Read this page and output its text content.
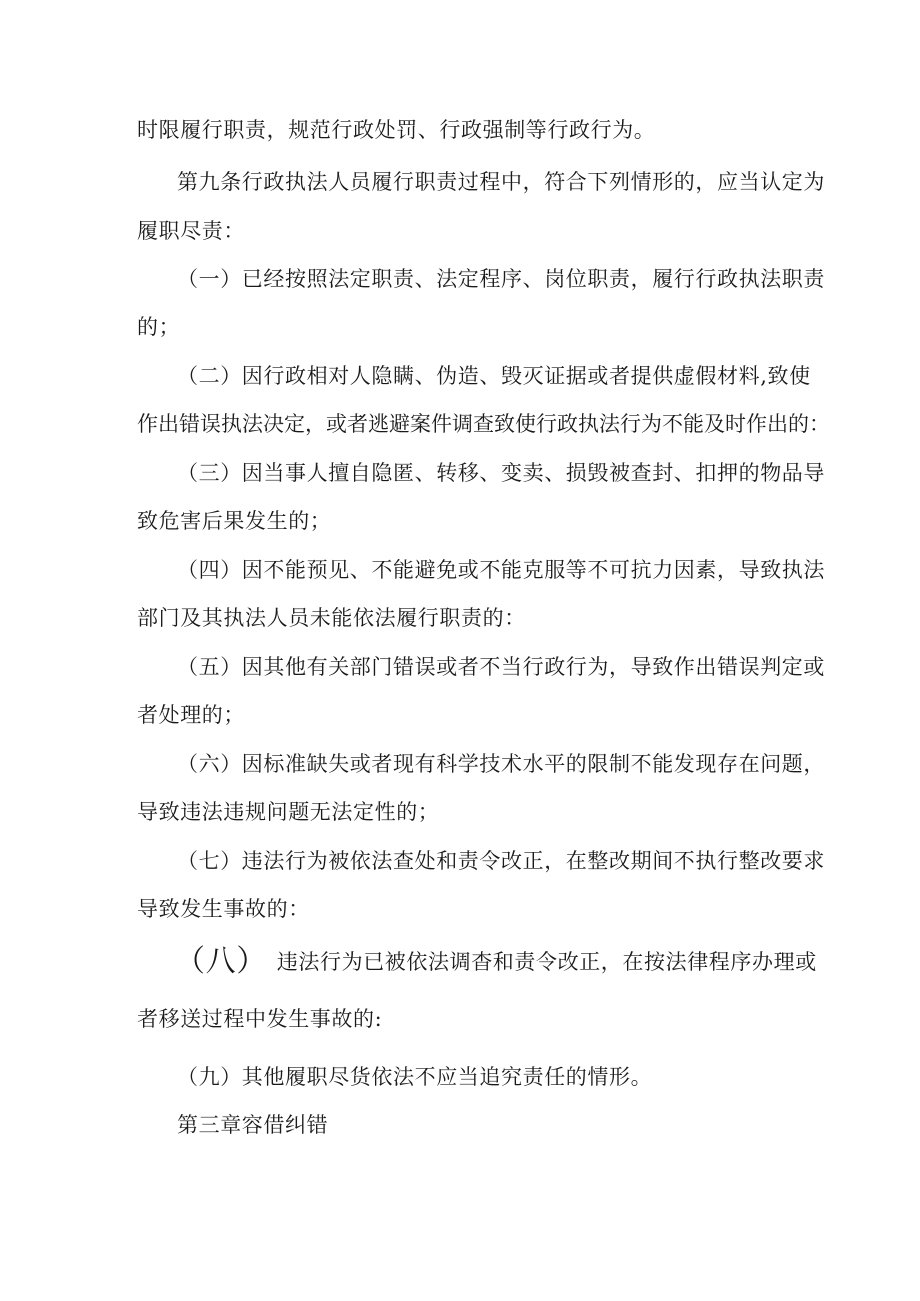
时限履行职责，规范行政处罚、行政强制等行政行为。
第九条行政执法人员履行职责过程中，符合下列情形的，应当认定为
履职尽责：
（一）已经按照法定职责、法定程序、岗位职责，履行行政执法职责
的；
（二）因行政相对人隐瞒、伪造、毁灭证据或者提供虚假材料,致使
作出错误执法决定，或者逃避案件调查致使行政执法行为不能及时作出的：
（三）因当事人擅自隐匿、转移、变卖、损毁被查封、扣押的物品导
致危害后果发生的；
（四）因不能预见、不能避免或不能克服等不可抗力因素，导致执法
部门及其执法人员未能依法履行职责的：
（五）因其他有关部门错误或者不当行政行为，导致作出错误判定或
者处理的；
（六）因标准缺失或者现有科学技术水平的限制不能发现存在问题，
导致违法违规问题无法定性的；
（七）违法行为被依法查处和责令改正，在整改期间不执行整改要求
导致发生事故的：
（八） 违法行为已被依法调杳和责令改正，在按法律程序办理或
者移送过程中发生事故的:
（九）其他履职尽货依法不应当追究责任的情形。
第三章容借纠错
